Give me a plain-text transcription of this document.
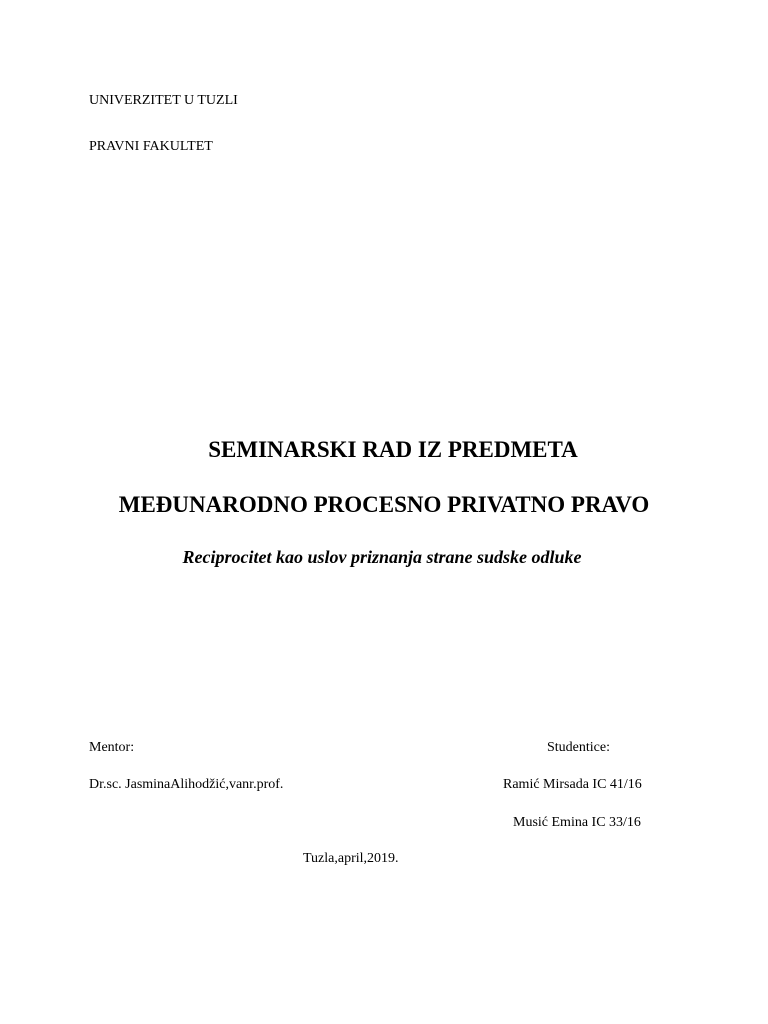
UNIVERZITET U TUZLI
PRAVNI FAKULTET
SEMINARSKI RAD IZ PREDMETA
MEĐUNARODNO PROCESNO PRIVATNO PRAVO
Reciprocitet kao uslov priznanja strane sudske odluke
Mentor:
Dr.sc. JasminaAlihodžić,vanr.prof.
Studentice:
Ramić Mirsada IC 41/16
Musić Emina IC 33/16
Tuzla,april,2019.
